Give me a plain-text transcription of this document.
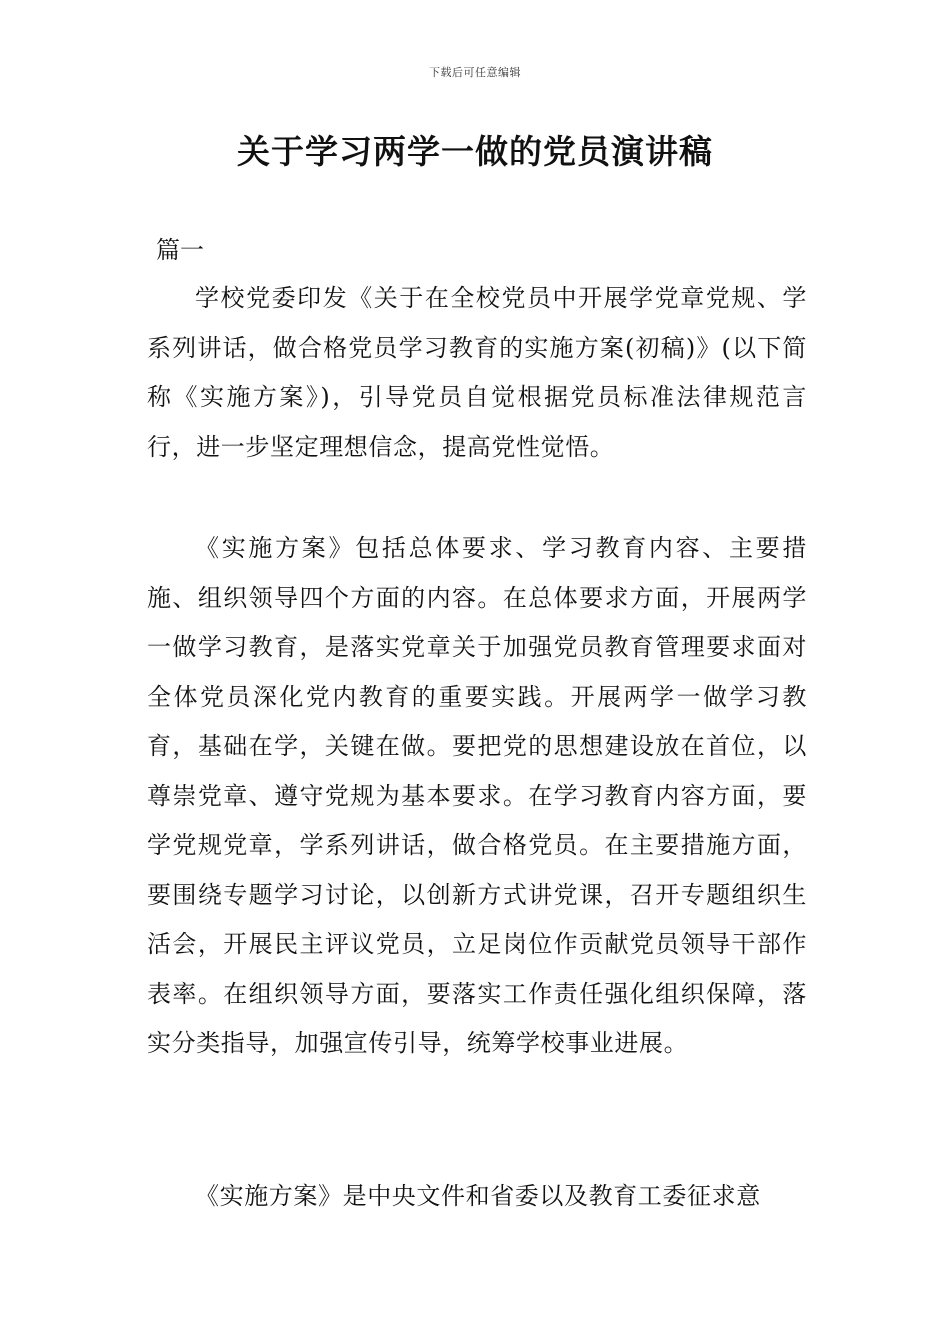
下载后可任意编辑
关于学习两学一做的党员演讲稿
篇一

学校党委印发《关于在全校党员中开展学党章党规、学系列讲话，做合格党员学习教育的实施方案(初稿)》(以下简称《实施方案》)，引导党员自觉根据党员标准法律规范言行，进一步坚定理想信念，提高党性觉悟。

《实施方案》包括总体要求、学习教育内容、主要措施、组织领导四个方面的内容。在总体要求方面，开展两学一做学习教育，是落实党章关于加强党员教育管理要求面对全体党员深化党内教育的重要实践。开展两学一做学习教育，基础在学，关键在做。要把党的思想建设放在首位，以尊崇党章、遵守党规为基本要求。在学习教育内容方面，要学党规党章，学系列讲话，做合格党员。在主要措施方面，要围绕专题学习讨论，以创新方式讲党课，召开专题组织生活会，开展民主评议党员，立足岗位作贡献党员领导干部作表率。在组织领导方面，要落实工作责任强化组织保障，落实分类指导，加强宣传引导，统筹学校事业进展。

《实施方案》是中央文件和省委以及教育工委征求意
